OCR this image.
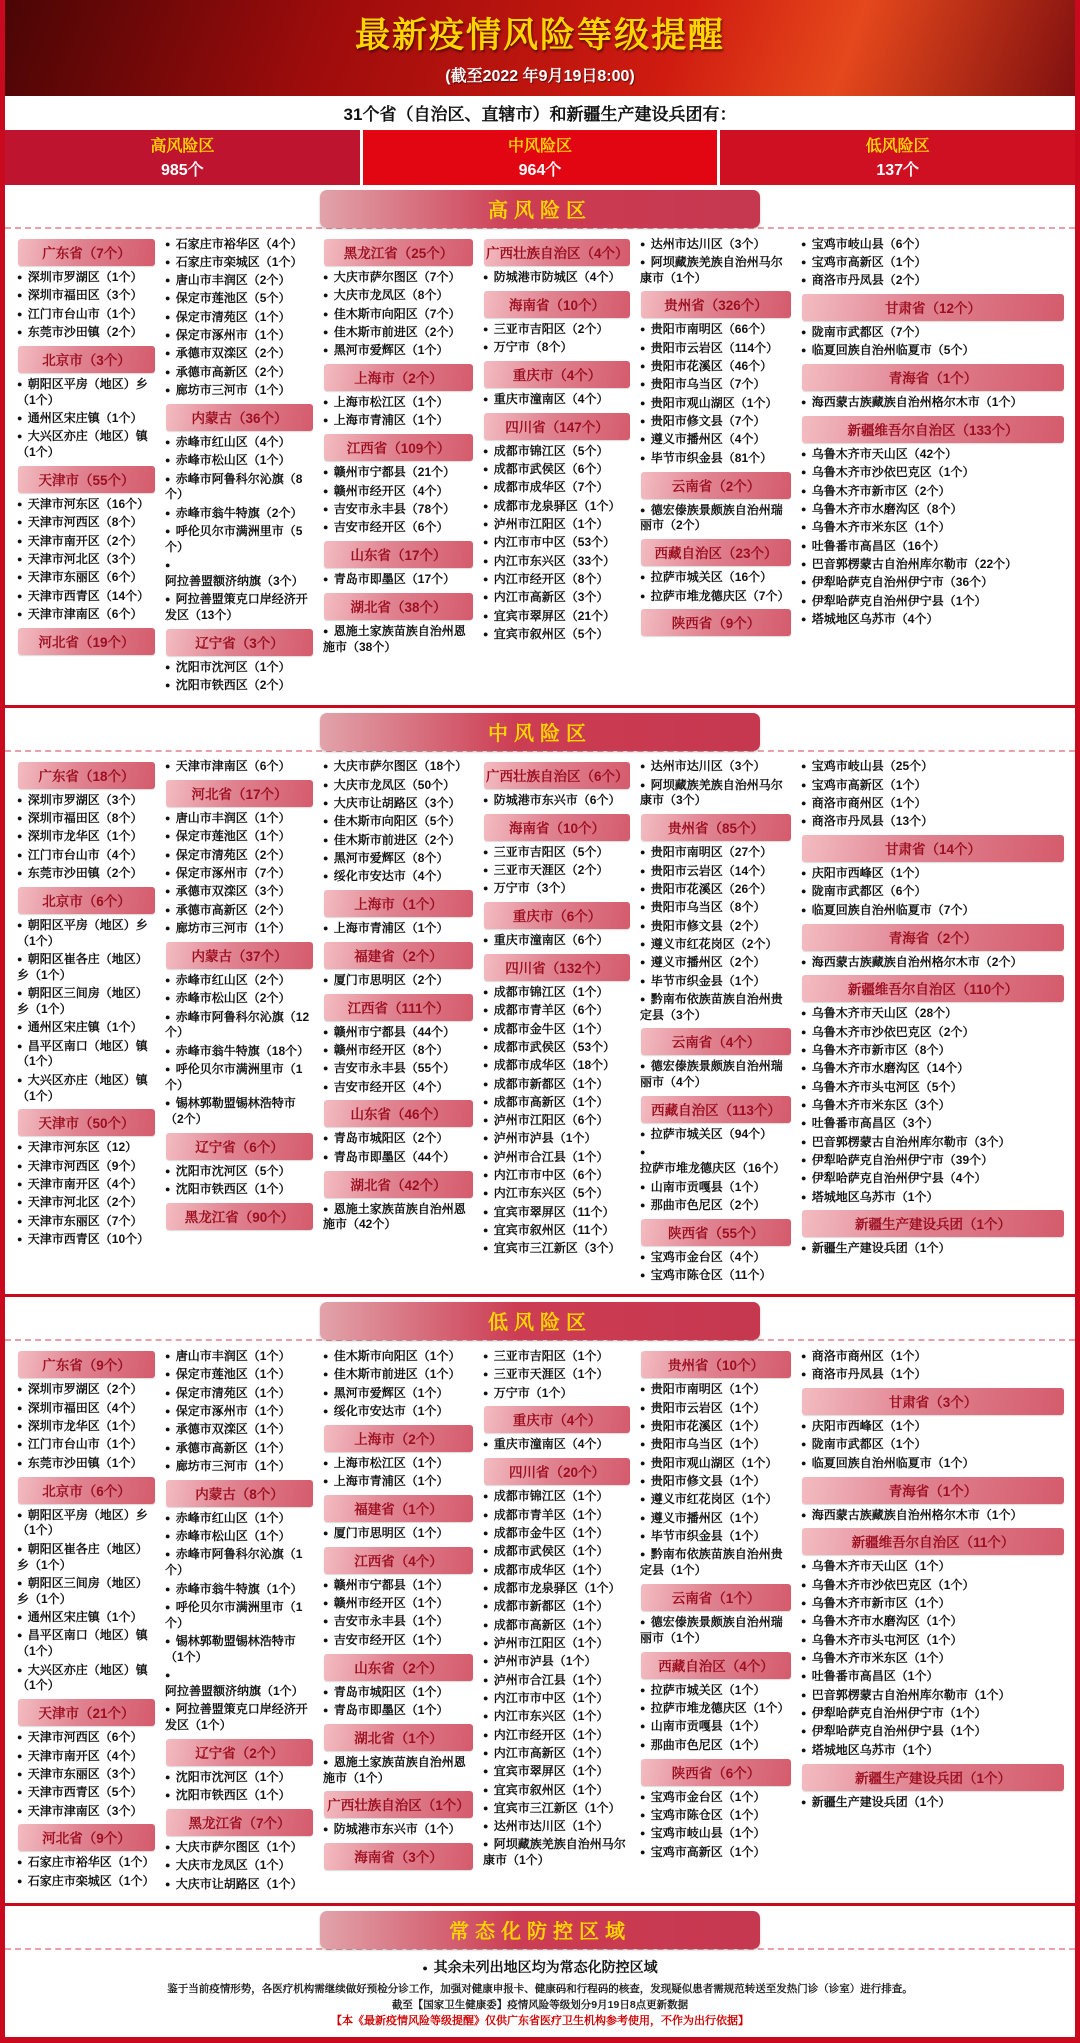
最新疫情风险等级提醒
(截至2022 年9月19日8:00)
31个省（自治区、直辖市）和新疆生产建设兵团有：
高风险区
985个
中风险区
964个
低风险区
137个
高风险区
广东省（7个）
● 深圳市罗湖区（1个）
● 深圳市福田区（3个）
● 江门市台山市（1个）
● 东莞市沙田镇（2个）
北京市（3个）
● 朝阳区平房（地区）乡（1个）
● 通州区宋庄镇（1个）
● 大兴区亦庄（地区）镇（1个）
天津市（55个）
● 天津市河东区（16个）
● 天津市河西区（8个）
● 天津市南开区（2个）
● 天津市河北区（3个）
● 天津市东丽区（6个）
● 天津市西青区（14个）
● 天津市津南区（6个）
河北省（19个）
● 石家庄市裕华区（4个）
● 石家庄市栾城区（1个）
● 唐山市丰润区（2个）
● 保定市莲池区（5个）
● 保定市清苑区（1个）
● 保定市涿州市（1个）
● 承德市双滦区（2个）
● 承德市高新区（2个）
● 廊坊市三河市（1个）
内蒙古（36个）
● 赤峰市红山区（4个）
● 赤峰市松山区（1个）
● 赤峰市阿鲁科尔沁旗（8个）
● 赤峰市翁牛特旗（2个）
● 呼伦贝尔市满洲里市（5个）
● 阿拉善盟额济纳旗（3个）
● 阿拉善盟策克口岸经济开发区（13个）
辽宁省（3个）
● 沈阳市沈河区（1个）
● 沈阳市铁西区（2个）
黑龙江省（25个）
● 大庆市萨尔图区（7个）
● 大庆市龙凤区（8个）
● 佳木斯市向阳区（7个）
● 佳木斯市前进区（2个）
● 黑河市爱辉区（1个）
上海市（2个）
● 上海市松江区（1个）
● 上海市青浦区（1个）
江西省（109个）
● 赣州市宁都县（21个）
● 赣州市经开区（4个）
● 吉安市永丰县（78个）
● 吉安市经开区（6个）
山东省（17个）
● 青岛市即墨区（17个）
湖北省（38个）
● 恩施土家族苗族自治州恩施市（38个）
广西壮族自治区（4个）
● 防城港市防城区（4个）
海南省（10个）
● 三亚市吉阳区（2个）
● 万宁市（8个）
重庆市（4个）
● 重庆市潼南区（4个）
四川省（147个）
● 成都市锦江区（5个）
● 成都市武侯区（6个）
● 成都市成华区（7个）
● 成都市龙泉驿区（1个）
● 泸州市江阳区（1个）
● 内江市市中区（53个）
● 内江市东兴区（33个）
● 内江市经开区（8个）
● 内江市高新区（3个）
● 宜宾市翠屏区（21个）
● 宜宾市叙州区（5个）
● 达州市达川区（3个）
● 阿坝藏族羌族自治州马尔康市（1个）
贵州省（326个）
● 贵阳市南明区（66个）
● 贵阳市云岩区（114个）
● 贵阳市花溪区（46个）
● 贵阳市乌当区（7个）
● 贵阳市观山湖区（1个）
● 贵阳市修文县（7个）
● 遵义市播州区（4个）
● 毕节市织金县（81个）
云南省（2个）
● 德宏傣族景颇族自治州瑞丽市（2个）
西藏自治区（23个）
● 拉萨市城关区（16个）
● 拉萨市堆龙德庆区（7个）
陕西省（9个）
● 宝鸡市岐山县（6个）
● 宝鸡市高新区（1个）
● 商洛市丹凤县（2个）
甘肃省（12个）
● 陇南市武都区（7个）
● 临夏回族自治州临夏市（5个）
青海省（1个）
● 海西蒙古族藏族自治州格尔木市（1个）
新疆维吾尔自治区（133个）
● 乌鲁木齐市天山区（42个）
● 乌鲁木齐市沙依巴克区（1个）
● 乌鲁木齐市新市区（2个）
● 乌鲁木齐市水磨沟区（8个）
● 乌鲁木齐市米东区（1个）
● 吐鲁番市高昌区（16个）
● 巴音郭楞蒙古自治州库尔勒市（22个）
● 伊犁哈萨克自治州伊宁市（36个）
● 伊犁哈萨克自治州伊宁县（1个）
● 塔城地区乌苏市（4个）
中风险区
广东省（18个）
● 深圳市罗湖区（3个）
● 深圳市福田区（8个）
● 深圳市龙华区（1个）
● 江门市台山市（4个）
● 东莞市沙田镇（2个）
北京市（6个）
● 朝阳区平房（地区）乡（1个）
● 朝阳区崔各庄（地区）乡（1个）
● 朝阳区三间房（地区）乡（1个）
● 通州区宋庄镇（1个）
● 昌平区南口（地区）镇（1个）
● 大兴区亦庄（地区）镇（1个）
天津市（50个）
● 天津市河东区（12）
● 天津市河西区（9个）
● 天津市南开区（4个）
● 天津市河北区（2个）
● 天津市东丽区（7个）
● 天津市西青区（10个）
● 天津市津南区（6个）
河北省（17个）
● 唐山市丰润区（1个）
● 保定市莲池区（1个）
● 保定市清苑区（2个）
● 保定市涿州市（7个）
● 承德市双滦区（3个）
● 承德市高新区（2个）
● 廊坊市三河市（1个）
内蒙古（37个）
● 赤峰市红山区（2个）
● 赤峰市松山区（2个）
● 赤峰市阿鲁科尔沁旗（12个）
● 赤峰市翁牛特旗（18个）
● 呼伦贝尔市满洲里市（1个）
● 锡林郭勒盟锡林浩特市（2个）
辽宁省（6个）
● 沈阳市沈河区（5个）
● 沈阳市铁西区（1个）
黑龙江省（90个）
● 大庆市萨尔图区（18个）
● 大庆市龙凤区（50个）
● 大庆市让胡路区（3个）
● 佳木斯市向阳区（5个）
● 佳木斯市前进区（2个）
● 黑河市爱辉区（8个）
● 绥化市安达市（4个）
上海市（1个）
● 上海市青浦区（1个）
福建省（2个）
● 厦门市思明区（2个）
江西省（111个）
● 赣州市宁都县（44个）
● 赣州市经开区（8个）
● 吉安市永丰县（55个）
● 吉安市经开区（4个）
山东省（46个）
● 青岛市城阳区（2个）
● 青岛市即墨区（44个）
湖北省（42个）
● 恩施土家族苗族自治州恩施市（42个）
广西壮族自治区（6个）
● 防城港市东兴市（6个）
海南省（10个）
● 三亚市吉阳区（5个）
● 三亚市天涯区（2个）
● 万宁市（3个）
重庆市（6个）
● 重庆市潼南区（6个）
四川省（132个）
● 成都市锦江区（1个）
● 成都市青羊区（6个）
● 成都市金牛区（1个）
● 成都市武侯区（53个）
● 成都市成华区（18个）
● 成都市新都区（1个）
● 成都市高新区（1个）
● 泸州市江阳区（6个）
● 泸州市泸县（1个）
● 泸州市合江县（1个）
● 内江市市中区（6个）
● 内江市东兴区（5个）
● 宜宾市翠屏区（11个）
● 宜宾市叙州区（11个）
● 宜宾市三江新区（3个）
● 达州市达川区（3个）
● 阿坝藏族羌族自治州马尔康市（3个）
贵州省（85个）
● 贵阳市南明区（27个）
● 贵阳市云岩区（14个）
● 贵阳市花溪区（26个）
● 贵阳市乌当区（8个）
● 贵阳市修文县（2个）
● 遵义市红花岗区（2个）
● 遵义市播州区（2个）
● 毕节市织金县（1个）
● 黔南布依族苗族自治州贵定县（3个）
云南省（4个）
● 德宏傣族景颇族自治州瑞丽市（4个）
西藏自治区（113个）
● 拉萨市城关区（94个）
● 拉萨市堆龙德庆区（16个）
● 山南市贡嘎县（1个）
● 那曲市色尼区（2个）
陕西省（55个）
● 宝鸡市金台区（4个）
● 宝鸡市陈仓区（11个）
● 宝鸡市岐山县（25个）
● 宝鸡市高新区（1个）
● 商洛市商州区（1个）
● 商洛市丹凤县（13个）
甘肃省（14个）
● 庆阳市西峰区（1个）
● 陇南市武都区（6个）
● 临夏回族自治州临夏市（7个）
青海省（2个）
● 海西蒙古族藏族自治州格尔木市（2个）
新疆维吾尔自治区（110个）
● 乌鲁木齐市天山区（28个）
● 乌鲁木齐市沙依巴克区（2个）
● 乌鲁木齐市新市区（8个）
● 乌鲁木齐市水磨沟区（14个）
● 乌鲁木齐市头屯河区（5个）
● 乌鲁木齐市米东区（3个）
● 吐鲁番市高昌区（3个）
● 巴音郭楞蒙古自治州库尔勒市（3个）
● 伊犁哈萨克自治州伊宁市（39个）
● 伊犁哈萨克自治州伊宁县（4个）
● 塔城地区乌苏市（1个）
新疆生产建设兵团（1个）
● 新疆生产建设兵团（1个）
低风险区
广东省（9个）
● 深圳市罗湖区（2个）
● 深圳市福田区（4个）
● 深圳市龙华区（1个）
● 江门市台山市（1个）
● 东莞市沙田镇（1个）
北京市（6个）
● 朝阳区平房（地区）乡（1个）
● 朝阳区崔各庄（地区）乡（1个）
● 朝阳区三间房（地区）乡（1个）
● 通州区宋庄镇（1个）
● 昌平区南口（地区）镇（1个）
● 大兴区亦庄（地区）镇（1个）
天津市（21个）
● 天津市河西区（6个）
● 天津市南开区（4个）
● 天津市东丽区（3个）
● 天津市西青区（5个）
● 天津市津南区（3个）
河北省（9个）
● 石家庄市裕华区（1个）
● 石家庄市栾城区（1个）
● 唐山市丰润区（1个）
● 保定市莲池区（1个）
● 保定市清苑区（1个）
● 保定市涿州市（1个）
● 承德市双滦区（1个）
● 承德市高新区（1个）
● 廊坊市三河市（1个）
内蒙古（8个）
● 赤峰市红山区（1个）
● 赤峰市松山区（1个）
● 赤峰市阿鲁科尔沁旗（1个）
● 赤峰市翁牛特旗（1个）
● 呼伦贝尔市满洲里市（1个）
● 锡林郭勒盟锡林浩特市（1个）
● 阿拉善盟额济纳旗（1个）
● 阿拉善盟策克口岸经济开发区（1个）
辽宁省（2个）
● 沈阳市沈河区（1个）
● 沈阳市铁西区（1个）
黑龙江省（7个）
● 大庆市萨尔图区（1个）
● 大庆市龙凤区（1个）
● 大庆市让胡路区（1个）
● 佳木斯市向阳区（1个）
● 佳木斯市前进区（1个）
● 黑河市爱辉区（1个）
● 绥化市安达市（1个）
上海市（2个）
● 上海市松江区（1个）
● 上海市青浦区（1个）
福建省（1个）
● 厦门市思明区（1个）
江西省（4个）
● 赣州市宁都县（1个）
● 赣州市经开区（1个）
● 吉安市永丰县（1个）
● 吉安市经开区（1个）
山东省（2个）
● 青岛市城阳区（1个）
● 青岛市即墨区（1个）
湖北省（1个）
● 恩施土家族苗族自治州恩施市（1个）
广西壮族自治区（1个）
● 防城港市东兴市（1个）
海南省（3个）
● 三亚市吉阳区（1个）
● 三亚市天涯区（1个）
● 万宁市（1个）
重庆市（4个）
● 重庆市潼南区（4个）
四川省（20个）
● 成都市锦江区（1个）
● 成都市青羊区（1个）
● 成都市金牛区（1个）
● 成都市武侯区（1个）
● 成都市成华区（1个）
● 成都市龙泉驿区（1个）
● 成都市新都区（1个）
● 成都市高新区（1个）
● 泸州市江阳区（1个）
● 泸州市泸县（1个）
● 泸州市合江县（1个）
● 内江市市中区（1个）
● 内江市东兴区（1个）
● 内江市经开区（1个）
● 内江市高新区（1个）
● 宜宾市翠屏区（1个）
● 宜宾市叙州区（1个）
● 宜宾市三江新区（1个）
● 达州市达川区（1个）
● 阿坝藏族羌族自治州马尔康市（1个）
贵州省（10个）
● 贵阳市南明区（1个）
● 贵阳市云岩区（1个）
● 贵阳市花溪区（1个）
● 贵阳市乌当区（1个）
● 贵阳市观山湖区（1个）
● 贵阳市修文县（1个）
● 遵义市红花岗区（1个）
● 遵义市播州区（1个）
● 毕节市织金县（1个）
● 黔南布依族苗族自治州贵定县（1个）
云南省（1个）
● 德宏傣族景颇族自治州瑞丽市（1个）
西藏自治区（4个）
● 拉萨市城关区（1个）
● 拉萨市堆龙德庆区（1个）
● 山南市贡嘎县（1个）
● 那曲市色尼区（1个）
陕西省（6个）
● 宝鸡市金台区（1个）
● 宝鸡市陈仓区（1个）
● 宝鸡市岐山县（1个）
● 宝鸡市高新区（1个）
● 商洛市商州区（1个）
● 商洛市丹凤县（1个）
甘肃省（3个）
● 庆阳市西峰区（1个）
● 陇南市武都区（1个）
● 临夏回族自治州临夏市（1个）
青海省（1个）
● 海西蒙古族藏族自治州格尔木市（1个）
新疆维吾尔自治区（11个）
● 乌鲁木齐市天山区（1个）
● 乌鲁木齐市沙依巴克区（1个）
● 乌鲁木齐市新市区（1个）
● 乌鲁木齐市水磨沟区（1个）
● 乌鲁木齐市头屯河区（1个）
● 乌鲁木齐市米东区（1个）
● 吐鲁番市高昌区（1个）
● 巴音郭楞蒙古自治州库尔勒市（1个）
● 伊犁哈萨克自治州伊宁市（1个）
● 伊犁哈萨克自治州伊宁县（1个）
● 塔城地区乌苏市（1个）
新疆生产建设兵团（1个）
● 新疆生产建设兵团（1个）
常态化防控区域
● 其余未列出地区均为常态化防控区域
鉴于当前疫情形势，各医疗机构需继续做好预检分诊工作，加强对健康申报卡、健康码和行程码的核查，发现疑似患者需规范转送至发热门诊（诊室）进行排查。
截至【国家卫生健康委】疫情风险等级划分9月19日8点更新数据
【本《最新疫情风险等级提醒》仅供广东省医疗卫生机构参考使用，不作为出行依据】
